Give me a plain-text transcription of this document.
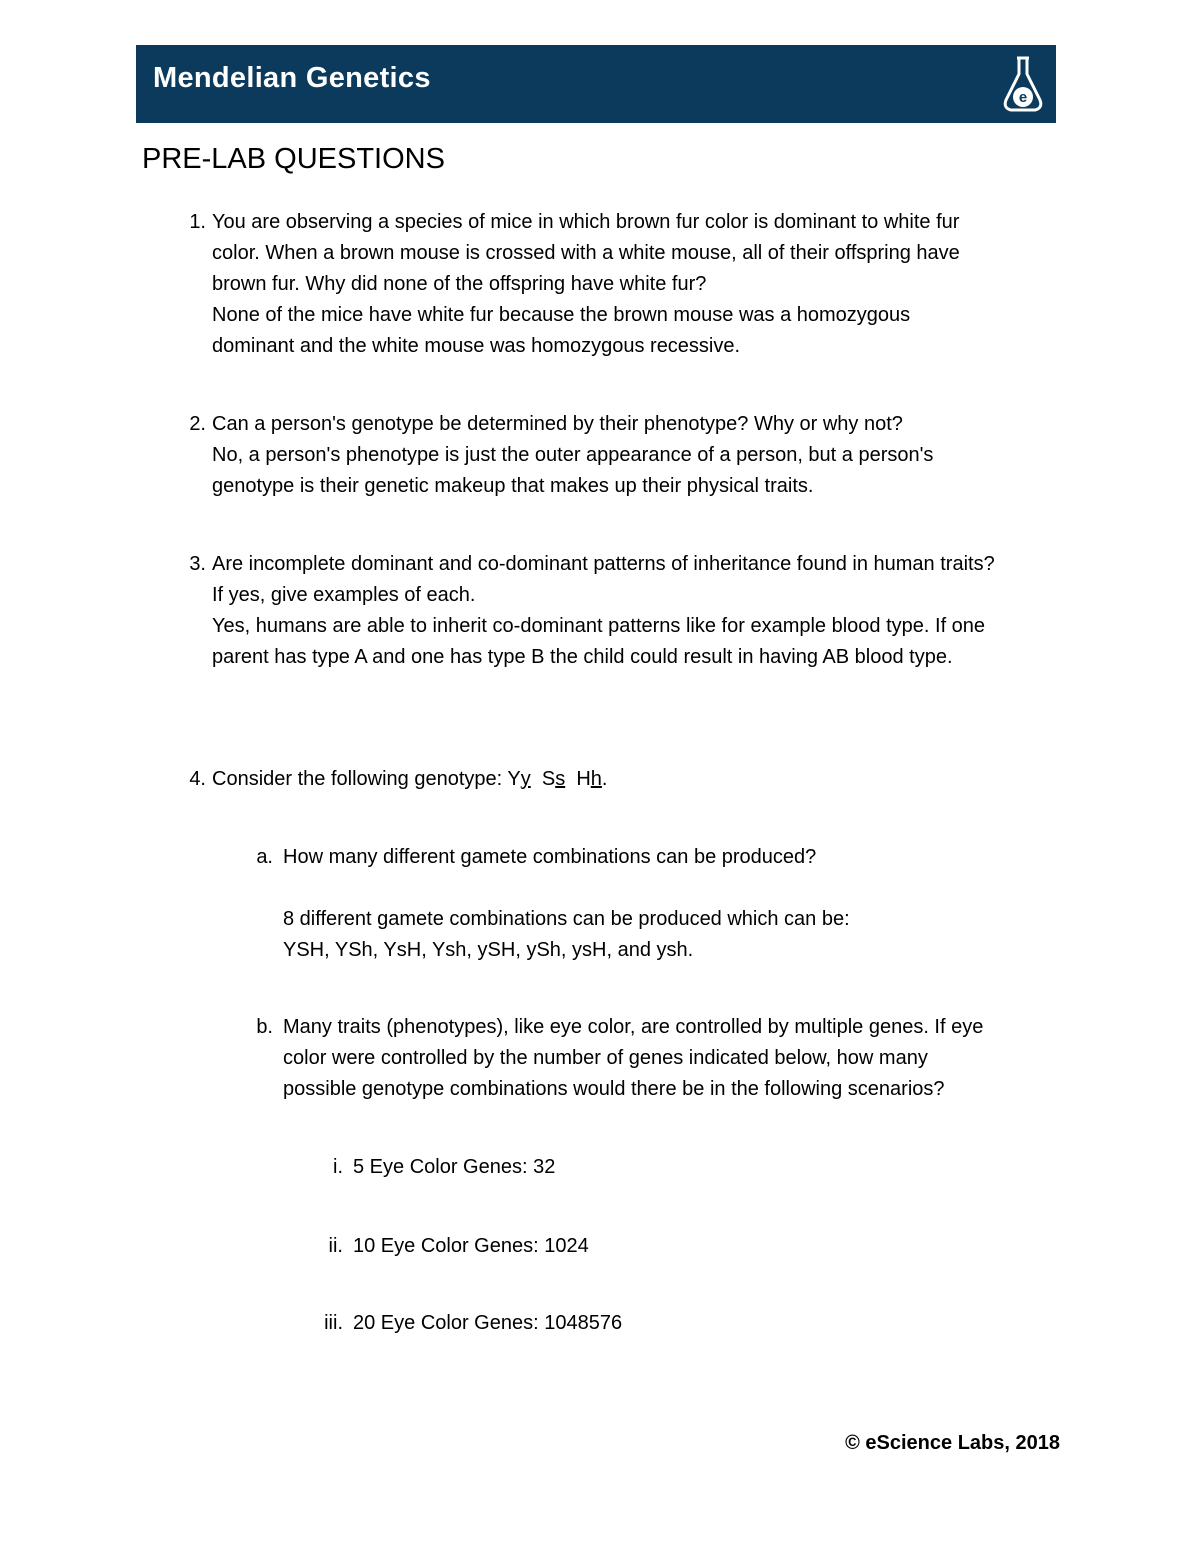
Mendelian Genetics
e
PRE-LAB QUESTIONS
1. You are observing a species of mice in which brown fur color is dominant to white fur

color. When a brown mouse is crossed with a white mouse, all of their offspring have

brown fur. Why did none of the offspring have white fur?

None of the mice have white fur because the brown mouse was a homozygous

dominant and the white mouse was homozygous recessive.

2. Can a person's genotype be determined by their phenotype? Why or why not?

No, a person's phenotype is just the outer appearance of a person, but a person's

genotype is their genetic makeup that makes up their physical traits.

3. Are incomplete dominant and co-dominant patterns of inheritance found in human traits?

If yes, give examples of each.

Yes, humans are able to inherit co-dominant patterns like for example blood type. If one

parent has type A and one has type B the child could result in having AB blood type.

4. Consider the following genotype: Yy Ss Hh.

a. How many different gamete combinations can be produced?

8 different gamete combinations can be produced which can be:

YSH, YSh, YsH, Ysh, ySH, ySh, ysH, and ysh.

b. Many traits (phenotypes), like eye color, are controlled by multiple genes. If eye

color were controlled by the number of genes indicated below, how many

possible genotype combinations would there be in the following scenarios?

i. 5 Eye Color Genes: 32

ii. 10 Eye Color Genes: 1024

iii. 20 Eye Color Genes: 1048576

© eScience Labs, 2018
